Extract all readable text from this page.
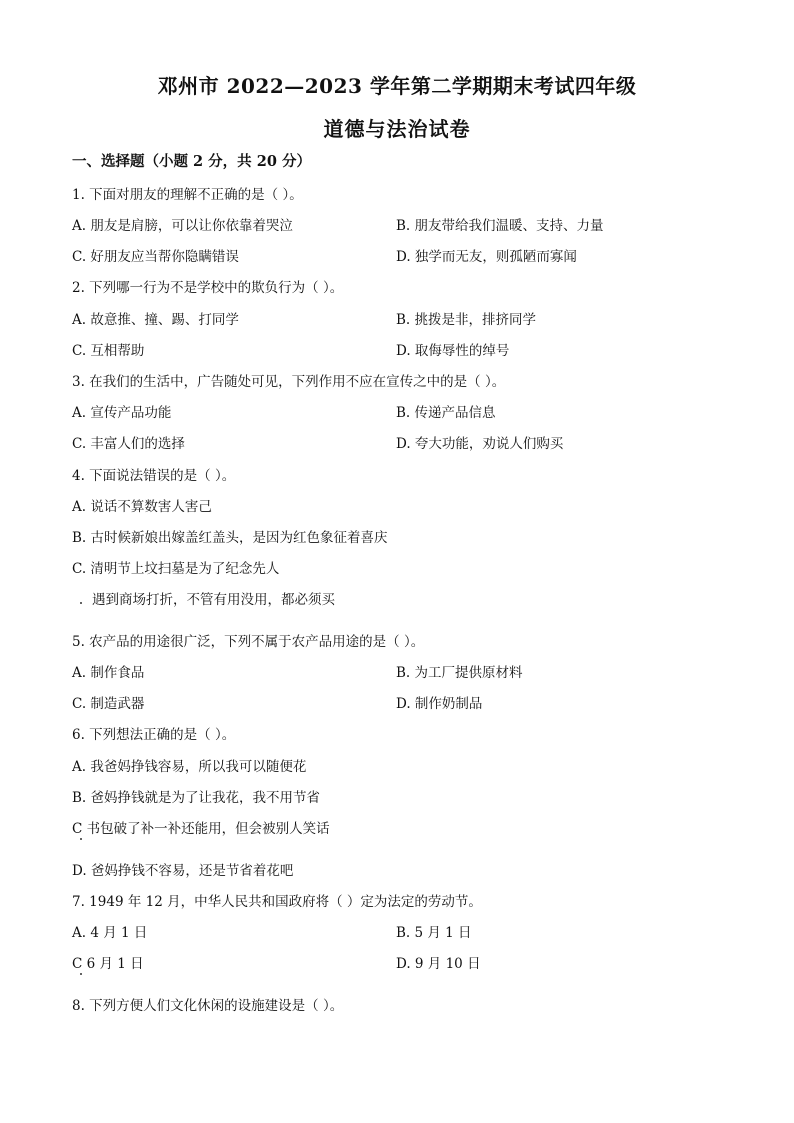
邓州市 2022—2023 学年第二学期期末考试四年级
道德与法治试卷
一、选择题（小题 2 分，共 20 分）
1. 下面对朋友的理解不正确的是（ ）。
A. 朋友是肩膀，可以让你依靠着哭泣	B. 朋友带给我们温暖、支持、力量
C. 好朋友应当帮你隐瞒错误	D. 独学而无友，则孤陋而寡闻
2. 下列哪一行为不是学校中的欺负行为（ ）。
A. 故意推、撞、踢、打同学	B. 挑拨是非，排挤同学
C. 互相帮助	D. 取侮辱性的绰号
3. 在我们的生活中，广告随处可见，下列作用不应在宣传之中的是（ ）。
A. 宣传产品功能	B. 传递产品信息
C. 丰富人们的选择	D. 夸大功能，劝说人们购买
4. 下面说法错误的是（ ）。
A. 说话不算数害人害己
B. 古时候新娘出嫁盖红盖头，是因为红色象征着喜庆
C. 清明节上坟扫墓是为了纪念先人
遇到商场打折，不管有用没用，都必须买
5. 农产品的用途很广泛，下列不属于农产品用途的是（ ）。
A. 制作食品	B. 为工厂提供原材料
C. 制造武器	D. 制作奶制品
6. 下列想法正确的是（ ）。
A. 我爸妈挣钱容易，所以我可以随便花
B. 爸妈挣钱就是为了让我花，我不用节省
C 书包破了补一补还能用，但会被别人笑话
D. 爸妈挣钱不容易，还是节省着花吧
7. 1949 年 12 月，中华人民共和国政府将（ ）定为法定的劳动节。
A. 4 月 1 日	B. 5 月 1 日
C 6 月 1 日	D. 9 月 10 日
8. 下列方便人们文化休闲的设施建设是（ ）。
